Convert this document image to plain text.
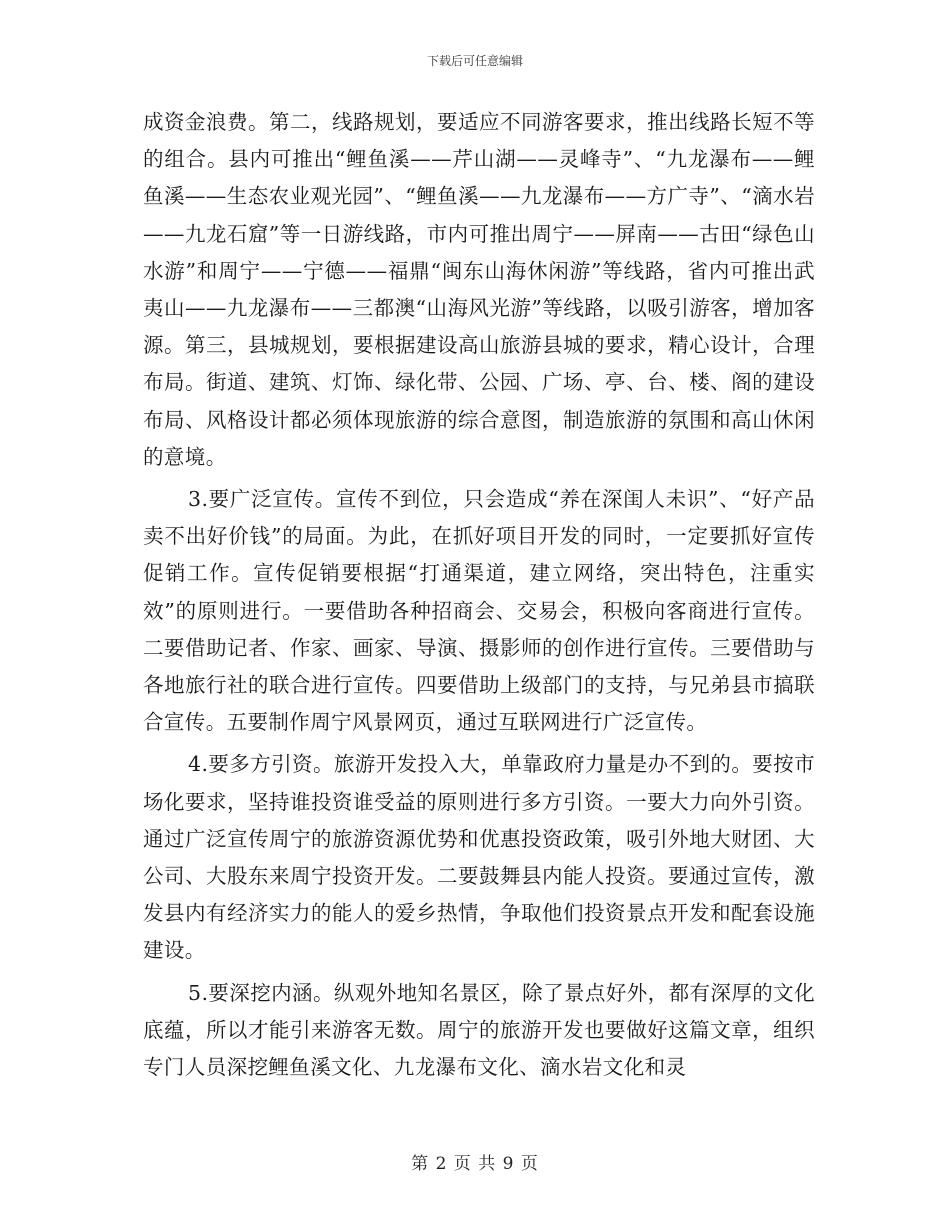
下载后可任意编辑

成资金浪费。第二，线路规划，要适应不同游客要求，推出线路长短不等的组合。县内可推出“鲤鱼溪——芹山湖——灵峰寺”、“九龙瀑布——鲤鱼溪——生态农业观光园”、“鲤鱼溪——九龙瀑布——方广寺”、“滴水岩——九龙石窟”等一日游线路，市内可推出周宁——屏南——古田“绿色山水游”和周宁——宁德——福鼎“闽东山海休闲游”等线路，省内可推出武夷山——九龙瀑布——三都澳“山海风光游”等线路，以吸引游客，增加客源。第三，县城规划，要根据建设高山旅游县城的要求，精心设计，合理布局。街道、建筑、灯饰、绿化带、公园、广场、亭、台、楼、阁的建设布局、风格设计都必须体现旅游的综合意图，制造旅游的氛围和高山休闲的意境。

3.要广泛宣传。宣传不到位，只会造成“养在深闺人未识”、“好产品卖不出好价钱”的局面。为此，在抓好项目开发的同时，一定要抓好宣传促销工作。宣传促销要根据“打通渠道，建立网络，突出特色，注重实效”的原则进行。一要借助各种招商会、交易会，积极向客商进行宣传。二要借助记者、作家、画家、导演、摄影师的创作进行宣传。三要借助与各地旅行社的联合进行宣传。四要借助上级部门的支持，与兄弟县市搞联合宣传。五要制作周宁风景网页，通过互联网进行广泛宣传。

4.要多方引资。旅游开发投入大，单靠政府力量是办不到的。要按市场化要求，坚持谁投资谁受益的原则进行多方引资。一要大力向外引资。通过广泛宣传周宁的旅游资源优势和优惠投资政策，吸引外地大财团、大公司、大股东来周宁投资开发。二要鼓舞县内能人投资。要通过宣传，激发县内有经济实力的能人的爱乡热情，争取他们投资景点开发和配套设施建设。

5.要深挖内涵。纵观外地知名景区，除了景点好外，都有深厚的文化底蕴，所以才能引来游客无数。周宁的旅游开发也要做好这篇文章，组织专门人员深挖鲤鱼溪文化、九龙瀑布文化、滴水岩文化和灵

第 2 页 共 9 页
